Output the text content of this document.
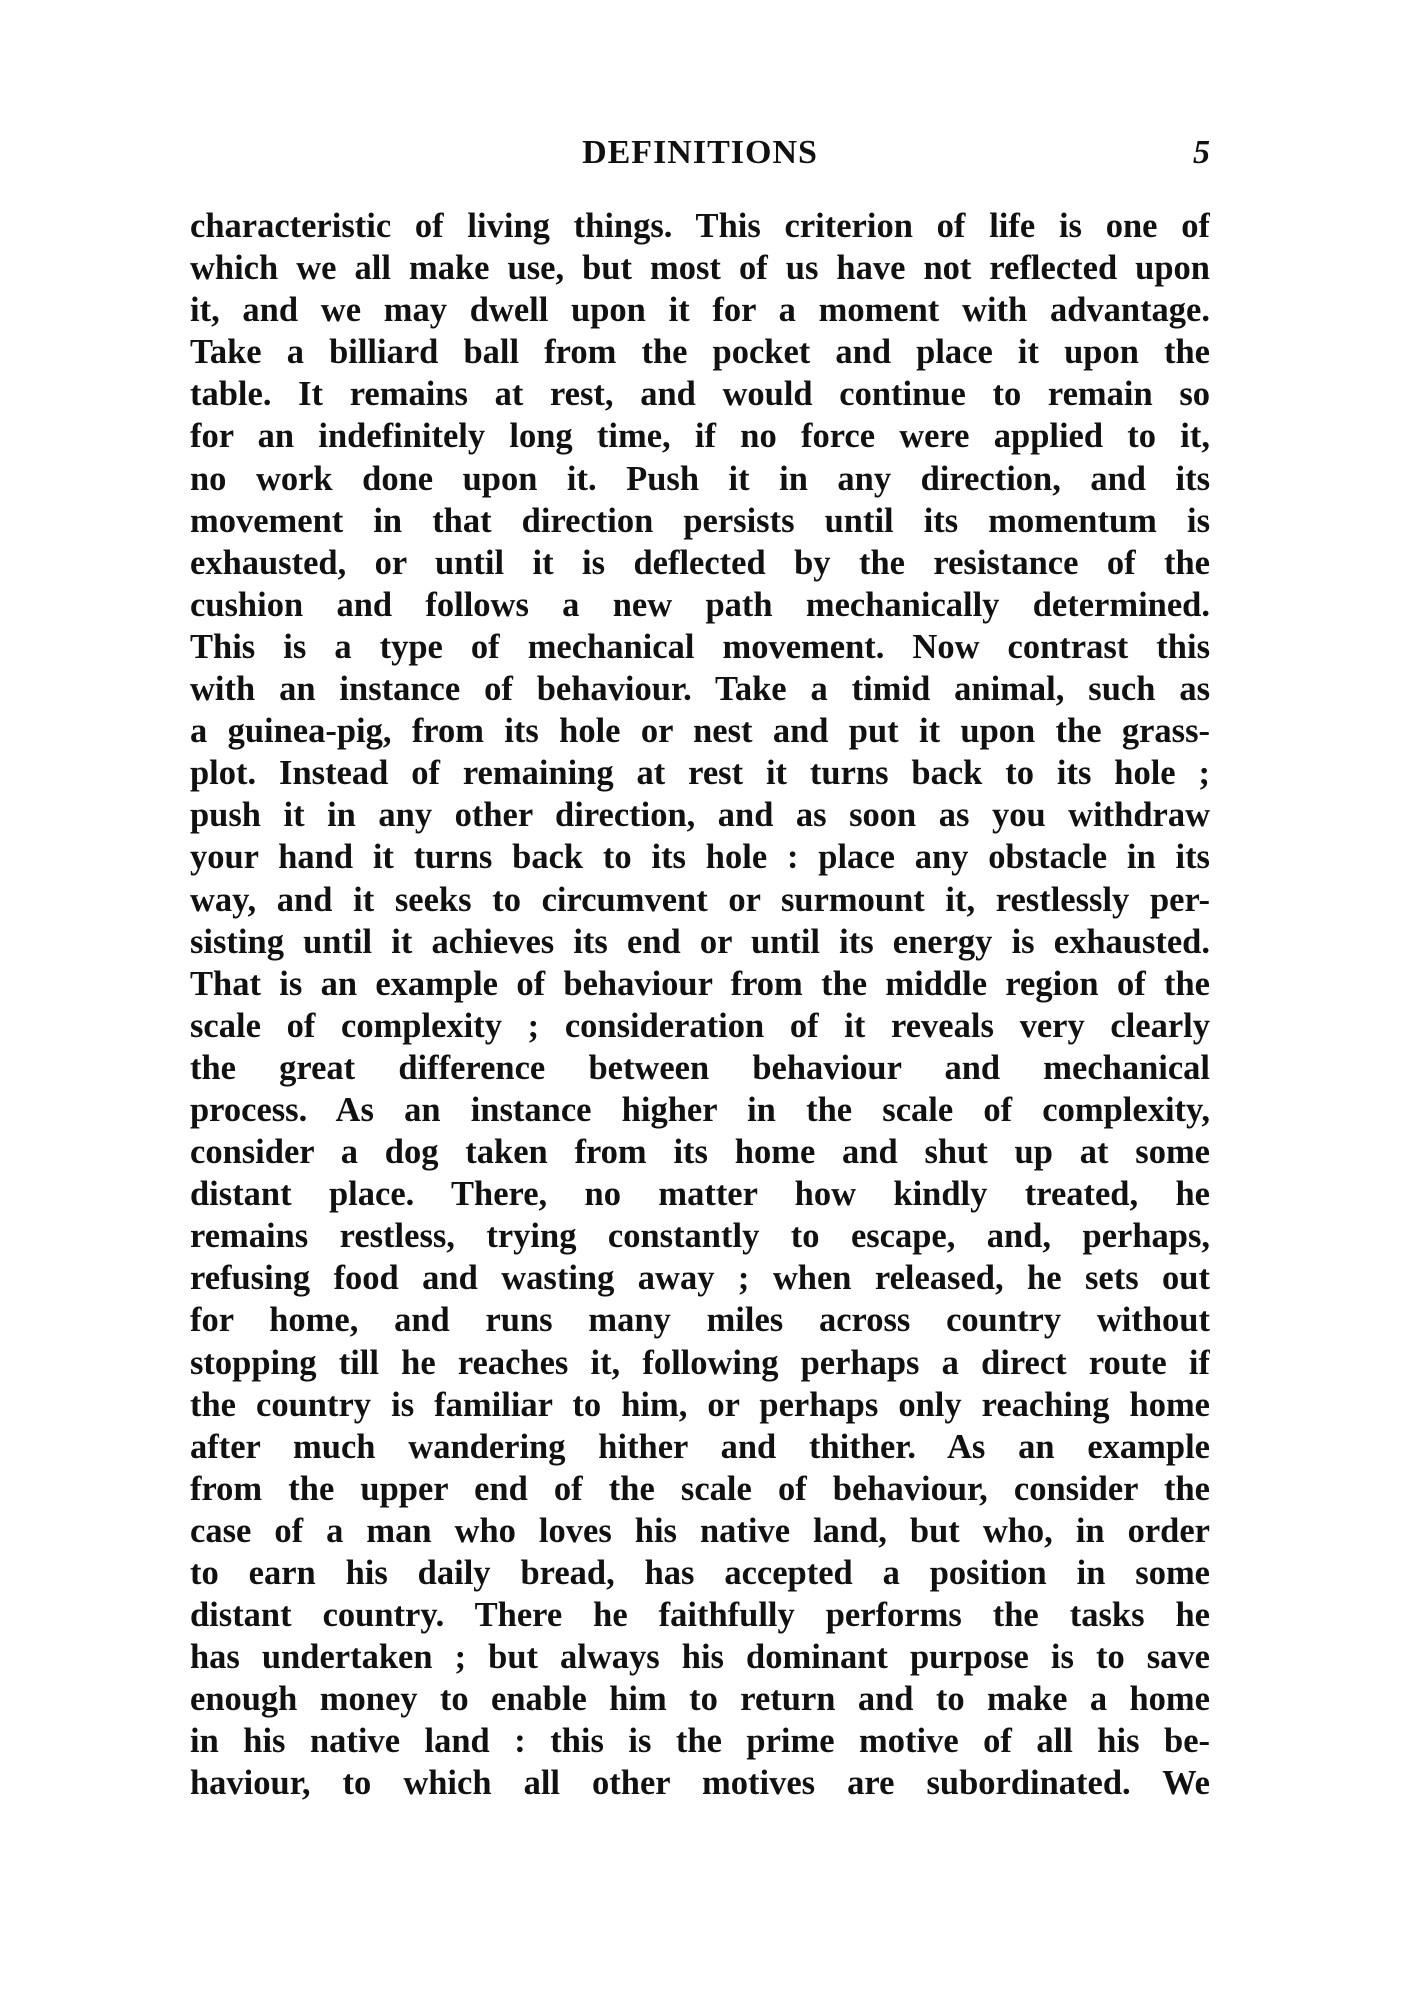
DEFINITIONS	5
characteristic of living things. This criterion of life is one of
which we all make use, but most of us have not reflected upon
it, and we may dwell upon it for a moment with advantage.
Take a billiard ball from the pocket and place it upon the
table. It remains at rest, and would continue to remain so
for an indefinitely long time, if no force were applied to it,
no work done upon it. Push it in any direction, and its
movement in that direction persists until its momentum is
exhausted, or until it is deflected by the resistance of the
cushion and follows a new path mechanically determined.
This is a type of mechanical movement. Now contrast this
with an instance of behaviour. Take a timid animal, such as
a guinea-pig, from its hole or nest and put it upon the grass-
plot. Instead of remaining at rest it turns back to its hole ;
push it in any other direction, and as soon as you withdraw
your hand it turns back to its hole : place any obstacle in its
way, and it seeks to circumvent or surmount it, restlessly per-
sisting until it achieves its end or until its energy is exhausted.
That is an example of behaviour from the middle region of the
scale of complexity ; consideration of it reveals very clearly
the great difference between behaviour and mechanical
process. As an instance higher in the scale of complexity,
consider a dog taken from its home and shut up at some
distant place. There, no matter how kindly treated, he
remains restless, trying constantly to escape, and, perhaps,
refusing food and wasting away ; when released, he sets out
for home, and runs many miles across country without
stopping till he reaches it, following perhaps a direct route if
the country is familiar to him, or perhaps only reaching home
after much wandering hither and thither. As an example
from the upper end of the scale of behaviour, consider the
case of a man who loves his native land, but who, in order
to earn his daily bread, has accepted a position in some
distant country. There he faithfully performs the tasks he
has undertaken ; but always his dominant purpose is to save
enough money to enable him to return and to make a home
in his native land : this is the prime motive of all his be-
haviour, to which all other motives are subordinated. We
